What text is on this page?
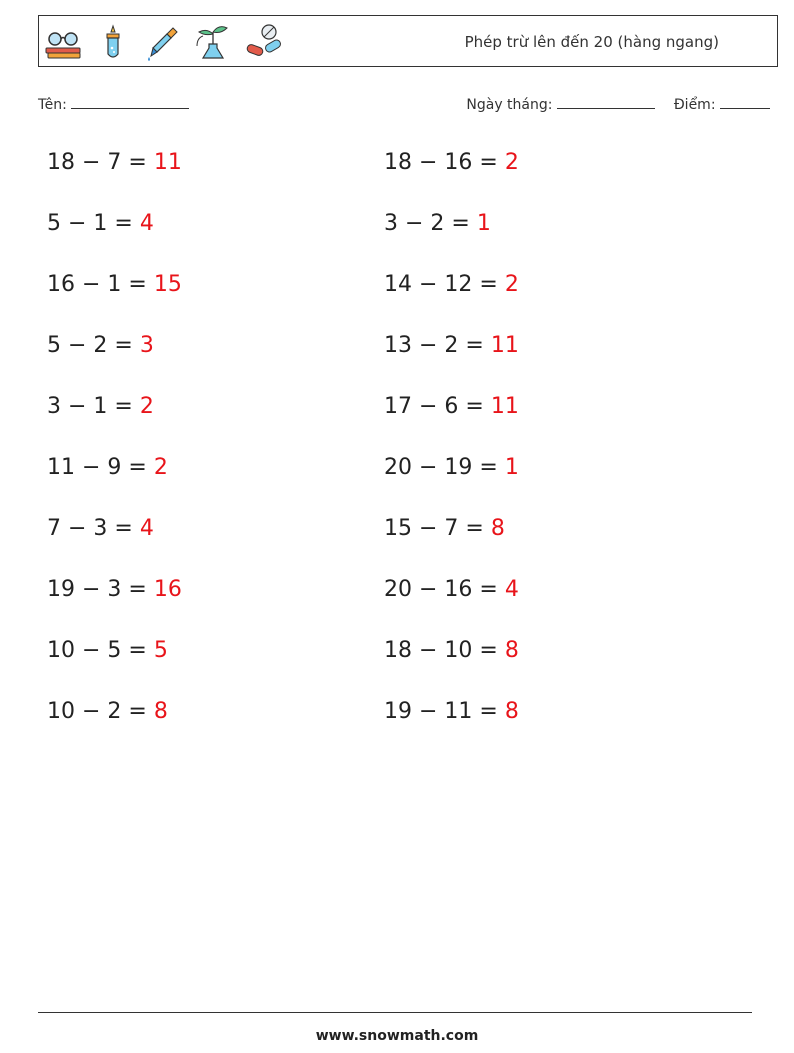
Phép trừ lên đến 20 (hàng ngang)
Tên:	Ngày tháng:	Điểm:
18 − 7 = 11
5 − 1 = 4
16 − 1 = 15
5 − 2 = 3
3 − 1 = 2
11 − 9 = 2
7 − 3 = 4
19 − 3 = 16
10 − 5 = 5
10 − 2 = 8
18 − 16 = 2
3 − 2 = 1
14 − 12 = 2
13 − 2 = 11
17 − 6 = 11
20 − 19 = 1
15 − 7 = 8
20 − 16 = 4
18 − 10 = 8
19 − 11 = 8
www.snowmath.com
